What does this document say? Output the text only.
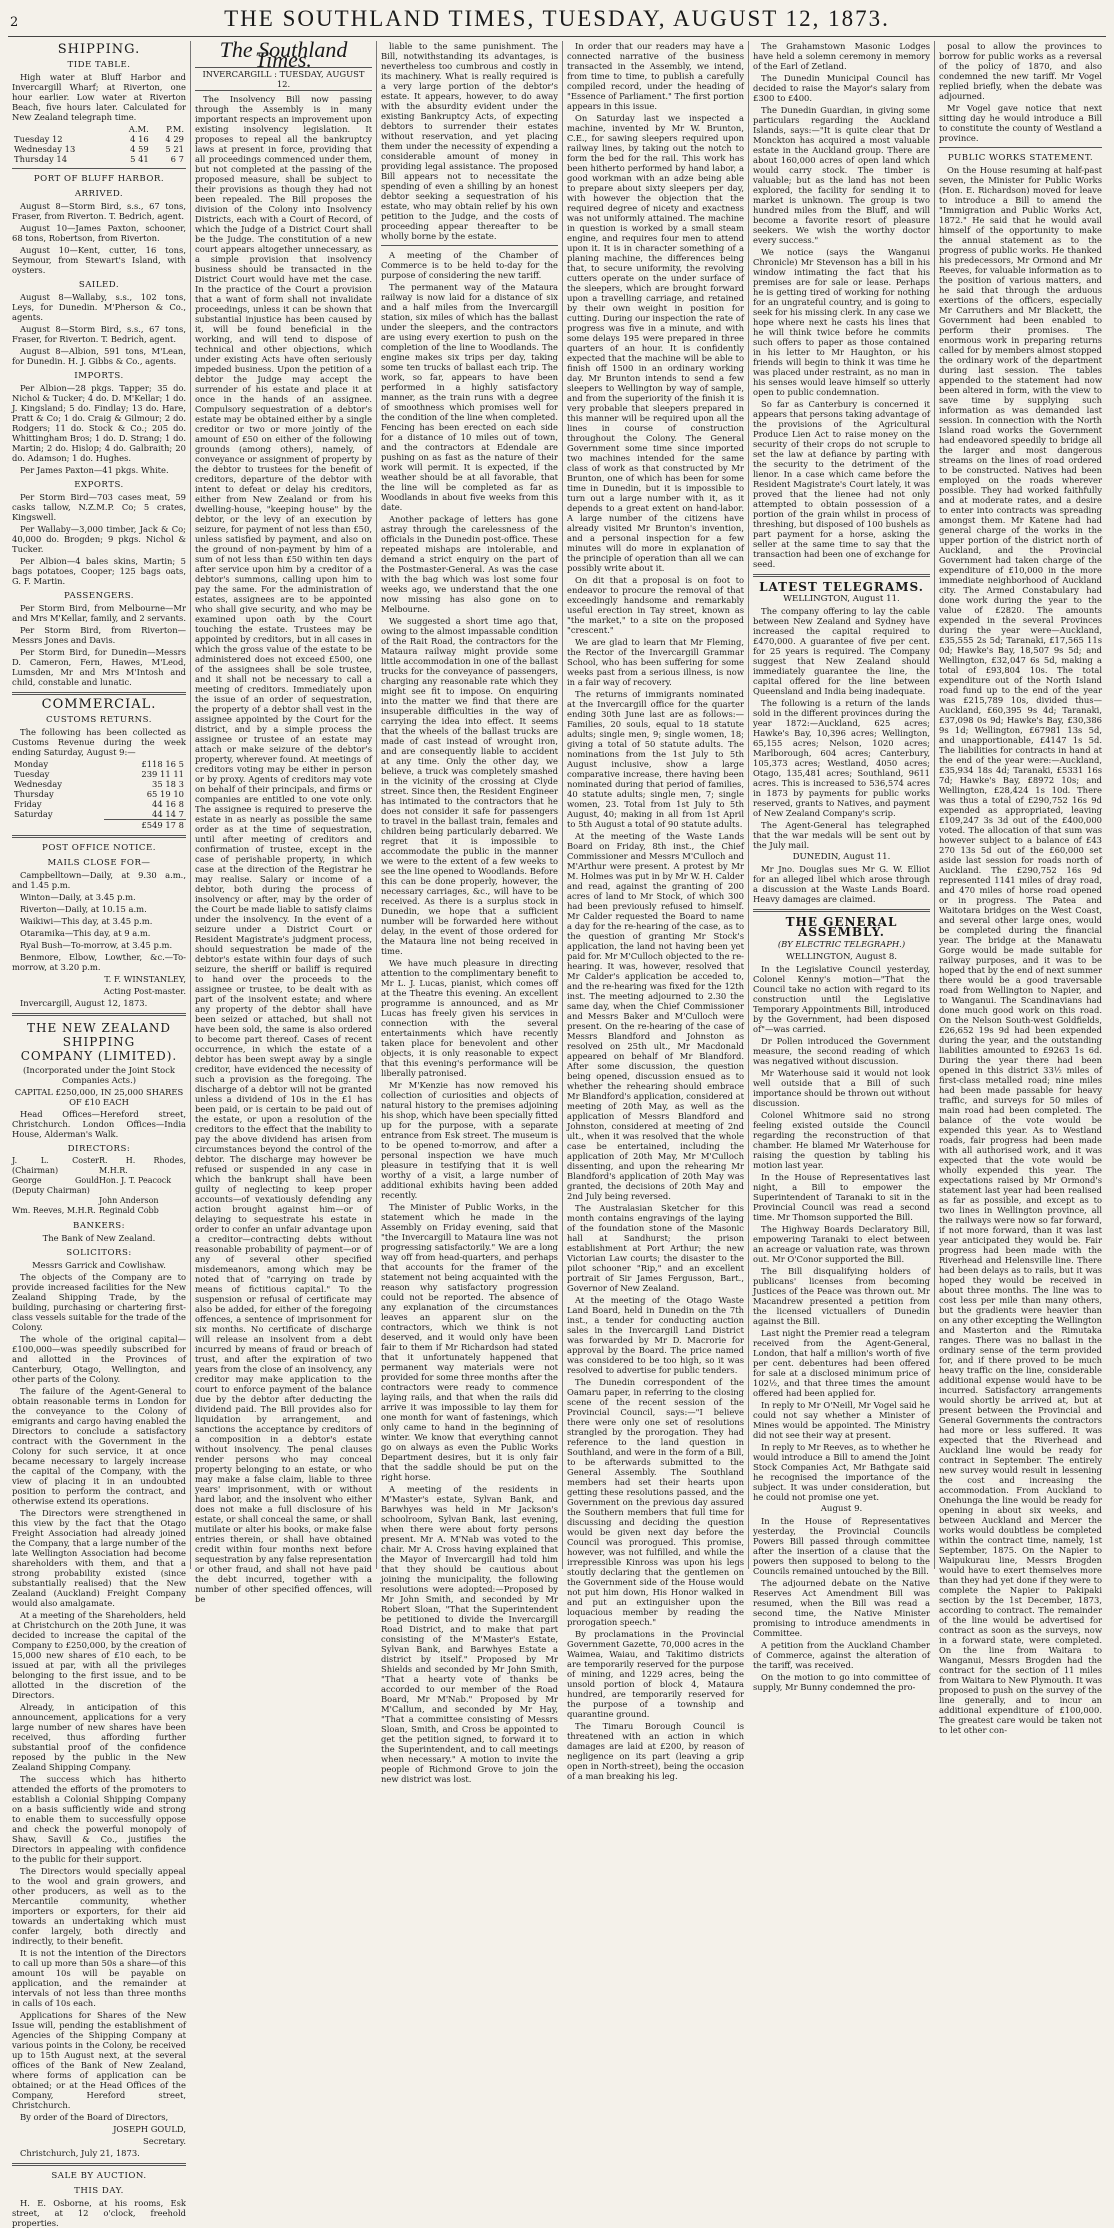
2	THE SOUTHLAND TIMES, TUESDAY, AUGUST 12, 1873.
SHIPPING.
TIDE TABLE.

High water at Bluff Harbor and Invercargill Wharf; at Riverton, one hour earlier. Low water at Riverton Beach, five hours later. Calculated for New Zealand telegraph time.

	A.M.	P.M.
Tuesday 12	4 16	4 29
Wednesday 13	4 59	5 21
Thursday 14	5 41	6 7
PORT OF BLUFF HARBOR.
ARRIVED.

August 8—Storm Bird, s.s., 67 tons, Fraser, from Riverton. T. Bedrich, agent.

August 10—James Paxton, schooner, 68 tons, Robertson, from Riverton.

August 10—Kent, cutter, 16 tons, Seymour, from Stewart's Island, with oysters.

SAILED.

August 8—Wallaby, s.s., 102 tons, Leys, for Dunedin. M'Pherson & Co., agents.

August 8—Storm Bird, s.s., 67 tons, Fraser, for Riverton. T. Bedrich, agent.

August 8—Albion, 591 tons, M'Lean, for Dunedin. H. J. Gibbs & Co., agents.

IMPORTS.

Per Albion—28 pkgs. Tapper; 35 do. Nichol & Tucker; 4 do. D. M'Kellar; 1 do. J. Kingsland; 5 do. Findlay; 13 do. Hare, Pratt & Co; 1 do. Craig & Gilmour; 2 do. Rodgers; 11 do. Stock & Co.; 205 do. Whittingham Bros; 1 do. D. Strang; 1 do. Martin; 2 do. Hislop; 4 do. Galbraith; 20 do. Adamson; 1 do. Hughes.

Per James Paxton—41 pkgs. White.

EXPORTS.

Per Storm Bird—703 cases meat, 59 casks tallow, N.Z.M.P. Co; 5 crates, Kingswell.

Per Wallaby—3,000 timber, Jack & Co; 40,000 do. Brogden; 9 pkgs. Nichol & Tucker.

Per Albion—4 bales skins, Martin; 5 bags potatoes, Cooper; 125 bags oats, G. F. Martin.

PASSENGERS.

Per Storm Bird, from Melbourne—Mr and Mrs M'Kellar, family, and 2 servants.

Per Storm Bird, from Riverton—Messrs Jones and Davis.

Per Storm Bird, for Dunedin—Messrs D. Cameron, Fern, Hawes, M'Leod, Lumsden, Mr and Mrs M'Intosh and child, constable and lunatic.

COMMERCIAL.
CUSTOMS RETURNS.

The following has been collected as Customs Revenue during the week ending Saturday, August 9:—

Monday	£118 16 5
Tuesday	239 11 11
Wednesday	35 18 3
Thursday	65 19 10
Friday	44 16 8
Saturday	44 14 7
	£549 17 8
POST OFFICE NOTICE.
MAILS CLOSE FOR—

Campbelltown—Daily, at 9.30 a.m., and 1.45 p.m.

Winton—Daily, at 3.45 p.m.

Riverton—Daily, at 10.15 a.m.

Waikiwi—This day, at 3.45 p.m.

Otaramika—This day, at 9 a.m.

Ryal Bush—To-morrow, at 3.45 p.m.

Benmore, Elbow, Lowther, &c.—To-morrow, at 3.20 p.m.

T. F. WINSTANLEY,

Acting Post-master.

Invercargill, August 12, 1873.

THE NEW ZEALAND SHIPPING
COMPANY (LIMITED).

(Incorporated under the Joint Stock Companies Acts.)

CAPITAL £250,000, IN 25,000 SHARES OF £10 EACH

Head Offices—Hereford street, Christchurch. London Offices—India House, Alderman's Walk.

DIRECTORS:
J. L. Coster (Chairman)
R. H. Rhodes, M.H.R.
George Gould (Deputy Chairman)
Hon. J. T. Peacock
John Anderson
Wm. Reeves, M.H.R. Reginald Cobb
BANKERS:

The Bank of New Zealand.

SOLICITORS:

Messrs Garrick and Cowlishaw.

The objects of the Company are to provide increased facilities for the New Zealand Shipping Trade, by the building, purchasing or chartering first-class vessels suitable for the trade of the Colony.

The whole of the original capital—£100,000—was speedily subscribed for and allotted in the Provinces of Canterbury, Otago, Wellington, and other parts of the Colony.

The failure of the Agent-General to obtain reasonable terms in London for the conveyance to the Colony of emigrants and cargo having enabled the Directors to conclude a satisfactory contract with the Government in the Colony for such service, it at once became necessary to largely increase the capital of the Company, with the view of placing it in an undoubted position to perform the contract, and otherwise extend its operations.

The Directors were strengthened in this view by the fact that the Otago Freight Association had already joined the Company, that a large number of the late Wellington Association had become shareholders with them, and that a strong probability existed (since substantially realised) that the New Zealand (Auckland) Freight Company would also amalgamate.

At a meeting of the Shareholders, held at Christchurch on the 20th June, it was decided to increase the capital of the Company to £250,000, by the creation of 15,000 new shares of £10 each, to be issued at par, with all the privileges belonging to the first issue, and to be allotted in the discretion of the Directors.

Already, in anticipation of this announcement, applications for a very large number of new shares have been received, thus affording further substantial proof of the confidence reposed by the public in the New Zealand Shipping Company.

The success which has hitherto attended the efforts of the promoters to establish a Colonial Shipping Company on a basis sufficiently wide and strong to enable them to successfully oppose and check the powerful monopoly of Shaw, Savill & Co., justifies the Directors in appealing with confidence to the public for their support.

The Directors would specially appeal to the wool and grain growers, and other producers, as well as to the Mercantile community, whether importers or exporters, for their aid towards an undertaking which must confer largely, both directly and indirectly, to their benefit.

It is not the intention of the Directors to call up more than 50s a share—of this amount 10s will be payable on application, and the remainder at intervals of not less than three months in calls of 10s each.

Applications for Shares of the New Issue will, pending the establishment of Agencies of the Shipping Company at various points in the Colony, be received up to 15th August next, at the several offices of the Bank of New Zealand, where forms of application can be obtained; or at the Head Offices of the Company, Hereford street, Christchurch.

By order of the Board of Directors,

JOSEPH GOULD,

Secretary.

Christchurch, July 21, 1873.

SALE BY AUCTION.
THIS DAY.

H. E. Osborne, at his rooms, Esk street, at 12 o'clock, freehold properties.

The Southland Times.
INVERCARGILL : TUESDAY, AUGUST 12.

The Insolvency Bill now passing through the Assembly is in many important respects an improvement upon existing insolvency legislation. It proposes to repeal all the bankruptcy laws at present in force, providing that all proceedings commenced under them, but not completed at the passing of the proposed measure, shall be subject to their provisions as though they had not been repealed. The Bill proposes the division of the Colony into Insolvency Districts, each with a Court of Record, of which the Judge of a District Court shall be the Judge. The constitution of a new court appears altogether unnecessary, as a simple provision that insolvency business should be transacted in the District Court would have met the case. In the practice of the Court a provision that a want of form shall not invalidate proceedings, unless it can be shown that substantial injustice has been caused by it, will be found beneficial in the working, and will tend to dispose of technical and other objections, which under existing Acts have often seriously impeded business. Upon the petition of a debtor the Judge may accept the surrender of his estate and place it at once in the hands of an assignee. Compulsory sequestration of a debtor's estate may be obtained either by a single creditor or two or more jointly of the amount of £50 on either of the following grounds (among others), namely, of conveyance or assignment of property by the debtor to trustees for the benefit of creditors, departure of the debtor with intent to defeat or delay his creditors, either from New Zealand or from his dwelling-house, "keeping house" by the debtor, or the levy of an execution by seizure, for payment of not less than £50, unless satisfied by payment, and also on the ground of non-payment by him of a sum of not less than £50 within ten days after service upon him by a creditor of a debtor's summons, calling upon him to pay the same. For the administration of estates, assignees are to be appointed who shall give security, and who may be examined upon oath by the Court touching the estate. Trustees may be appointed by creditors, but in all cases in which the gross value of the estate to be administered does not exceed £500, one of the assignees shall be sole trustee, and it shall not be necessary to call a meeting of creditors. Immediately upon the issue of an order of sequestration, the property of a debtor shall vest in the assignee appointed by the Court for the district, and by a simple process the assignee or trustee of an estate may attach or make seizure of the debtor's property, wherever found. At meetings of creditors voting may be either in person or by proxy. Agents of creditors may vote on behalf of their principals, and firms or companies are entitled to one vote only. The assignee is required to preserve the estate in as nearly as possible the same order as at the time of sequestration, until after meeting of creditors and confirmation of trustee, except in the case of perishable property, in which case at the direction of the Registrar he may realise. Salary or income of a debtor, both during the process of insolvency or after, may by the order of the Court be made liable to satisfy claims under the insolvency. In the event of a seizure under a District Court or Resident Magistrate's judgment process, should sequestration be made of the debtor's estate within four days of such seizure, the sheriff or bailiff is required to hand over the proceeds to the assignee or trustee, to be dealt with as part of the insolvent estate; and where any property of the debtor shall have been seized or attached, but shall not have been sold, the same is also ordered to become part thereof. Cases of recent occurrence, in which the estate of a debtor has been swept away by a single creditor, have evidenced the necessity of such a provision as the foregoing. The discharge of a debtor will not be granted unless a dividend of 10s in the £1 has been paid, or is certain to be paid out of the estate, or upon a resolution of the creditors to the effect that the inability to pay the above dividend has arisen from circumstances beyond the control of the debtor. The discharge may however be refused or suspended in any case in which the bankrupt shall have been guilty of neglecting to keep proper accounts—of vexatiously defending any action brought against him—or of delaying to sequestrate his estate in order to confer an unfair advantage upon a creditor—contracting debts without reasonable probability of payment—or of any of several other specified misdemeanors, among which may be noted that of "carrying on trade by means of fictitious capital." To the suspension or refusal of certificate may also be added, for either of the foregoing offences, a sentence of imprisonment for six months. No certificate of discharge will release an insolvent from a debt incurred by means of fraud or breach of trust, and after the expiration of two years from the close of an insolvency, any creditor may make application to the court to enforce payment of the balance due by the debtor after deducting the dividend paid. The Bill provides also for liquidation by arrangement, and sanctions the acceptance by creditors of a composition in a debtor's estate without insolvency. The penal clauses render persons who may conceal property belonging to an estate, or who may make a false claim, liable to three years' imprisonment, with or without hard labor, and the insolvent who either does not make a full disclosure of his estate, or shall conceal the same, or shall mutilate or alter his books, or make false entries therein, or shall have obtained credit within four months next before sequestration by any false representation or other fraud, and shall not have paid the debt incurred, together with a number of other specified offences, will be

liable to the same punishment. The Bill, notwithstanding its advantages, is nevertheless too cumbrous and costly in its machinery. What is really required is a very large portion of the debtor's estate. It appears, however, to do away with the absurdity evident under the existing Bankruptcy Acts, of expecting debtors to surrender their estates without reservation, and yet placing them under the necessity of expending a considerable amount of money in providing legal assistance. The proposed Bill appears not to necessitate the spending of even a shilling by an honest debtor seeking a sequestration of his estate, who may obtain relief by his own petition to the Judge, and the costs of proceeding appear thereafter to be wholly borne by the estate.

A meeting of the Chamber of Commerce is to be held to-day for the purpose of considering the new tariff.

The permanent way of the Mataura railway is now laid for a distance of six and a half miles from the Invercargill station, six miles of which has the ballast under the sleepers, and the contractors are using every exertion to push on the completion of the line to Woodlands. The engine makes six trips per day, taking some ten trucks of ballast each trip. The work, so far, appears to have been performed in a highly satisfactory manner, as the train runs with a degree of smoothness which promises well for the condition of the line when completed. Fencing has been erected on each side for a distance of 10 miles out of town, and the contractors at Edendale are pushing on as fast as the nature of their work will permit. It is expected, if the weather should be at all favorable, that the line will be completed as far as Woodlands in about five weeks from this date.

Another package of letters has gone astray through the carelessness of the officials in the Dunedin post-office. These repeated mishaps are intolerable, and demand a strict enquiry on the part of the Postmaster-General. As was the case with the bag which was lost some four weeks ago, we understand that the one now missing has also gone on to Melbourne.

We suggested a short time ago that, owing to the almost impassable condition of the Rait Road, the contractors for the Mataura railway might provide some little accommodation in one of the ballast trucks for the conveyance of passengers, charging any reasonable rate which they might see fit to impose. On enquiring into the matter we find that there are insuperable difficulties in the way of carrying the idea into effect. It seems that the wheels of the ballast trucks are made of cast instead of wrought iron, and are consequently liable to accident at any time. Only the other day, we believe, a truck was completely smashed in the vicinity of the crossing at Clyde street. Since then, the Resident Engineer has intimated to the contractors that he does not consider it safe for passengers to travel in the ballast train, females and children being particularly debarred. We regret that it is impossible to accommodate the public in the manner we were to the extent of a few weeks to see the line opened to Woodlands. Before this can be done properly, however, the necessary carriages, &c., will have to be received. As there is a surplus stock in Dunedin, we hope that a sufficient number will be forwarded here without delay, in the event of those ordered for the Mataura line not being received in time.

We have much pleasure in directing attention to the complimentary benefit to Mr L. J. Lucas, pianist, which comes off at the Theatre this evening. An excellent programme is announced, and as Mr Lucas has freely given his services in connection with the several entertainments which have recently taken place for benevolent and other objects, it is only reasonable to expect that this evening's performance will be liberally patronised.

Mr M'Kenzie has now removed his collection of curiosities and objects of natural history to the premises adjoining his shop, which have been specially fitted up for the purpose, with a separate entrance from Esk street. The museum is to be opened to-morrow, and after a personal inspection we have much pleasure in testifying that it is well worthy of a visit, a large number of additional exhibits having been added recently.

The Minister of Public Works, in the statement which he made in the Assembly on Friday evening, said that "the Invercargill to Mataura line was not progressing satisfactorily." We are a long way off from head-quarters, and perhaps that accounts for the framer of the statement not being acquainted with the reason why satisfactory progression could not be reported. The absence of any explanation of the circumstances leaves an apparent slur on the contractors, which we think is not deserved, and it would only have been fair to them if Mr Richardson had stated that it unfortunately happened that permanent way materials were not provided for some three months after the contractors were ready to commence laying rails, and that when the rails did arrive it was impossible to lay them for one month for want of fastenings, which only came to hand in the beginning of winter. We know that everything cannot go on always as even the Public Works Department desires, but it is only fair that the saddle should be put on the right horse.

A meeting of the residents in M'Master's estate, Sylvan Bank, and Barwhyes was held in Mr Jackson's schoolroom, Sylvan Bank, last evening, when there were about forty persons present. Mr A. M'Nab was voted to the chair. Mr A. Cross having explained that the Mayor of Invercargill had told him that they should be cautious about joining the municipality, the following resolutions were adopted:—Proposed by Mr John Smith, and seconded by Mr Robert Sloan, "That the Superintendent be petitioned to divide the Invercargill Road District, and to make that part consisting of the M'Master's Estate, Sylvan Bank, and Barwhyes Estate a district by itself." Proposed by Mr Shields and seconded by Mr John Smith, "That a hearty vote of thanks be accorded to our member of the Road Board, Mr M'Nab." Proposed by Mr M'Callum, and seconded by Mr Hay, "That a committee consisting of Messrs Sloan, Smith, and Cross be appointed to get the petition signed, to forward it to the Superintendent, and to call meetings when necessary." A motion to invite the people of Richmond Grove to join the new district was lost.

In order that our readers may have a connected narrative of the business transacted in the Assembly, we intend, from time to time, to publish a carefully compiled record, under the heading of "Essence of Parliament." The first portion appears in this issue.

On Saturday last we inspected a machine, invented by Mr W. Brunton, C.E., for sawing sleepers required upon railway lines, by taking out the notch to form the bed for the rail. This work has been hitherto performed by hand labor, a good workman with an adze being able to prepare about sixty sleepers per day, with however the objection that the required degree of nicety and exactness was not uniformly attained. The machine in question is worked by a small steam engine, and requires four men to attend upon it. It is in character something of a planing machine, the differences being that, to secure uniformity, the revolving cutters operate on the under surface of the sleepers, which are brought forward upon a travelling carriage, and retained by their own weight in position for cutting. During our inspection the rate of progress was five in a minute, and with some delays 195 were prepared in three quarters of an hour. It is confidently expected that the machine will be able to finish off 1500 in an ordinary working day. Mr Brunton intends to send a few sleepers to Wellington by way of sample, and from the superiority of the finish it is very probable that sleepers prepared in this manner will be required upon all the lines in course of construction throughout the Colony. The General Government some time since imported two machines intended for the same class of work as that constructed by Mr Brunton, one of which has been for some time in Dunedin, but it is impossible to turn out a large number with it, as it depends to a great extent on hand-labor. A large number of the citizens have already visited Mr Brunton's invention, and a personal inspection for a few minutes will do more in explanation of the principle of operation than all we can possibly write about it.

On dit that a proposal is on foot to endeavor to procure the removal of that exceedingly handsome and remarkably useful erection in Tay street, known as "the market," to a site on the proposed "crescent."

We are glad to learn that Mr Fleming, the Rector of the Invercargill Grammar School, who has been suffering for some weeks past from a serious illness, is now in a fair way of recovery.

The returns of immigrants nominated at the Invercargill office for the quarter ending 30th June last are as follows:—Families, 20 souls, equal to 18 statute adults; single men, 9; single women, 18; giving a total of 50 statute adults. The nominations from the 1st July to 5th August inclusive, show a large comparative increase, there having been nominated during that period of families, 40 statute adults; single men, 7; single women, 23. Total from 1st July to 5th August, 40; making in all from 1st April to 5th August a total of 90 statute adults.

At the meeting of the Waste Lands Board on Friday, 8th inst., the Chief Commissioner and Messrs M'Culloch and M'Arthur were present. A protest by Mr M. Holmes was put in by Mr W. H. Calder and read, against the granting of 200 acres of land to Mr Stock, of which 300 had been previously refused to himself. Mr Calder requested the Board to name a day for the re-hearing of the case, as to the question of granting Mr Stock's application, the land not having been yet paid for. Mr M'Culloch objected to the re-hearing. It was, however, resolved that Mr Calder's application be acceded to, and the re-hearing was fixed for the 12th inst. The meeting adjourned to 2.30 the same day, when the Chief Commissioner and Messrs Baker and M'Culloch were present. On the re-hearing of the case of Messrs Blandford and Johnston as resolved on 25th ult., Mr Macdonald appeared on behalf of Mr Blandford. After some discussion, the question being opened, discussion ensued as to whether the rehearing should embrace Mr Blandford's application, considered at meeting of 20th May, as well as the application of Messrs Blandford and Johnston, considered at meeting of 2nd ult., when it was resolved that the whole case be entertained, including the application of 20th May, Mr M'Culloch dissenting, and upon the rehearing Mr Blandford's application of 20th May was granted, the decisions of 20th May and 2nd July being reversed.

The Australasian Sketcher for this month contains engravings of the laying of the foundation stone of the Masonic hall at Sandhurst; the prison establishment at Port Arthur; the new Victorian Law courts; the disaster to the pilot schooner "Rip," and an excellent portrait of Sir James Fergusson, Bart., Governor of New Zealand.

At the meeting of the Otago Waste Land Board, held in Dunedin on the 7th inst., a tender for conducting auction sales in the Invercargill Land District was forwarded by Mr D. Macrorie for approval by the Board. The price named was considered to be too high, so it was resolved to advertise for public tenders.

The Dunedin correspondent of the Oamaru paper, in referring to the closing scene of the recent session of the Provincial Council, says:—"I believe there were only one set of resolutions strangled by the prorogation. They had reference to the land question in Southland, and were in the form of a Bill, to be afterwards submitted to the General Assembly. The Southland members had set their hearts upon getting these resolutions passed, and the Government on the previous day assured the Southern members that full time for discussing and deciding the question would be given next day before the Council was prorogued. This promise, however, was not fulfilled, and while the irrepressible Kinross was upon his legs stoutly declaring that the gentlemen on the Government side of the House would not put him down, His Honor walked in and put an extinguisher upon the loquacious member by reading the prorogation speech."

By proclamations in the Provincial Government Gazette, 70,000 acres in the Waimea, Waiau, and Takitimo districts are temporarily reserved for the purpose of mining, and 1229 acres, being the unsold portion of block 4, Mataura hundred, are temporarily reserved for the purpose of a township and quarantine ground.

The Timaru Borough Council is threatened with an action in which damages are laid at £200, by reason of negligence on its part (leaving a grip open in North-street), being the occasion of a man breaking his leg.

The Grahamstown Masonic Lodges have held a solemn ceremony in memory of the Earl of Zetland.

The Dunedin Municipal Council has decided to raise the Mayor's salary from £300 to £400.

The Dunedin Guardian, in giving some particulars regarding the Auckland Islands, says:—"It is quite clear that Dr Monckton has acquired a most valuable estate in the Auckland group. There are about 160,000 acres of open land which would carry stock. The timber is valuable; but as the land has not been explored, the facility for sending it to market is unknown. The group is two hundred miles from the Bluff, and will become a favorite resort of pleasure seekers. We wish the worthy doctor every success."

We notice (says the Wanganui Chronicle) Mr Stevenson has a bill in his window intimating the fact that his premises are for sale or lease. Perhaps he is getting tired of working for nothing for an ungrateful country, and is going to seek for his missing clerk. In any case we hope where next he casts his lines that he will think twice before he commits such offers to paper as those contained in his letter to Mr Haughton, or his friends will begin to think it was time he was placed under restraint, as no man in his senses would leave himself so utterly open to public condemnation.

So far as Canterbury is concerned it appears that persons taking advantage of the provisions of the Agricultural Produce Lien Act to raise money on the security of their crops do not scruple to set the law at defiance by parting with the security to the detriment of the lienor. In a case which came before the Resident Magistrate's Court lately, it was proved that the lienee had not only attempted to obtain possession of a portion of the grain whilst in process of threshing, but disposed of 100 bushels as part payment for a horse, asking the seller at the same time to say that the transaction had been one of exchange for seed.

LATEST TELEGRAMS.

WELLINGTON, August 11.

The company offering to lay the cable between New Zealand and Sydney have increased the capital required to £470,000. A guarantee of five per cent. for 25 years is required. The Company suggest that New Zealand should immediately guarantee the line, the capital offered for the line between Queensland and India being inadequate.

The following is a return of the lands sold in the different provinces during the year 1872:—Auckland, 625 acres; Hawke's Bay, 10,396 acres; Wellington, 65,155 acres; Nelson, 1020 acres; Marlborough, 604 acres; Canterbury, 105,373 acres; Westland, 4050 acres; Otago, 135,481 acres; Southland, 9611 acres. This is increased to 536,574 acres in 1873 by payments for public works reserved, grants to Natives, and payment of New Zealand Company's scrip.

The Agent-General has telegraphed that the war medals will be sent out by the July mail.

DUNEDIN, August 11.

Mr Jno. Douglas sues Mr G. W. Elliot for an alleged libel which arose through a discussion at the Waste Lands Board. Heavy damages are claimed.

THE GENERAL ASSEMBLY.
(BY ELECTRIC TELEGRAPH.)

WELLINGTON, August 8.

In the Legislative Council yesterday, Colonel Kenny's motion—"That the Council take no action with regard to its construction until the Legislative Temporary Appointments Bill, introduced by the Government, had been disposed of"—was carried.

Dr Pollen introduced the Government measure, the second reading of which was negatived without discussion.

Mr Waterhouse said it would not look well outside that a Bill of such importance should be thrown out without discussion.

Colonel Whitmore said no strong feeling existed outside the Council regarding the reconstruction of that chamber. He blamed Mr Waterhouse for raising the question by tabling his motion last year.

In the House of Representatives last night, a Bill to empower the Superintendent of Taranaki to sit in the Provincial Council was read a second time. Mr Thomson supported the Bill.

The Highway Boards Declaratory Bill, empowering Taranaki to elect between an acreage or valuation rate, was thrown out. Mr O'Conor supported the Bill.

The Bill disqualifying holders of publicans' licenses from becoming Justices of the Peace was thrown out. Mr Macandrew presented a petition from the licensed victuallers of Dunedin against the Bill.

Last night the Premier read a telegram received from the Agent-General, London, that half a million's worth of five per cent. debentures had been offered for sale at a disclosed minimum price of 102½, and that three times the amount offered had been applied for.

In reply to Mr O'Neill, Mr Vogel said he could not say whether a Minister of Mines would be appointed. The Ministry did not see their way at present.

In reply to Mr Reeves, as to whether he would introduce a Bill to amend the Joint Stock Companies Act, Mr Bathgate said he recognised the importance of the subject. It was under consideration, but he could not promise one yet.

August 9.

In the House of Representatives yesterday, the Provincial Councils Powers Bill passed through committee after the insertion of a clause that the powers then supposed to belong to the Councils remained untouched by the Bill.

The adjourned debate on the Native Reserves Act Amendment Bill was resumed, when the Bill was read a second time, the Native Minister promising to introduce amendments in Committee.

A petition from the Auckland Chamber of Commerce, against the alteration of the tariff, was received.

On the motion to go into committee of supply, Mr Bunny condemned the pro-

posal to allow the provinces to borrow for public works as a reversal of the policy of 1870, and also condemned the new tariff. Mr Vogel replied briefly, when the debate was adjourned.

Mr Vogel gave notice that next sitting day he would introduce a Bill to constitute the county of Westland a province.

PUBLIC WORKS STATEMENT.

On the House resuming at half-past seven, the Minister for Public Works (Hon. E. Richardson) moved for leave to introduce a Bill to amend the "Immigration and Public Works Act, 1872." He said that he would avail himself of the opportunity to make the annual statement as to the progress of public works. He thanked his predecessors, Mr Ormond and Mr Reeves, for valuable information as to the position of various matters, and he said that through the arduous exertions of the officers, especially Mr Carruthers and Mr Blackett, the Government had been enabled to perform their promises. The enormous work in preparing returns called for by members almost stopped the ordinary work of the department during last session. The tables appended to the statement had now been altered in form, with the view to save time by supplying such information as was demanded last session. In connection with the North Island road works the Government had endeavored speedily to bridge all the larger and most dangerous streams on the lines of road ordered to be constructed. Natives had been employed on the roads wherever possible. They had worked faithfully and at moderate rates, and a desire to enter into contracts was spreading amongst them. Mr Katene had had general charge of the works in the upper portion of the district north of Auckland, and the Provincial Government had taken charge of the expenditure of £10,000 in the more immediate neighborhood of Auckland city. The Armed Constabulary had done work during the year to the value of £2820. The amounts expended in the several Provinces during the year were—Auckland, £35,555 2s 5d; Taranaki, £17,565 11s 0d; Hawke's Bay, 18,507 9s 5d; and Wellington, £32,047 6s 5d, making a total of £93,804 10s. The total expenditure out of the North Island road fund up to the end of the year was £215,789 10s, divided thus—Auckland, £60,395 9s 4d; Taranaki, £37,098 0s 9d; Hawke's Bay, £30,386 9s 1d; Wellington, £67981 13s 5d, and unapportionable, £4147 1s 5d. The liabilities for contracts in hand at the end of the year were:—Auckland, £35,934 18s 4d; Taranaki, £5331 16s 7d; Hawke's Bay, £8972 10s; and Wellington, £28,424 1s 10d. There was thus a total of £290,752 16s 9d expended as appropriated, leaving £109,247 3s 3d out of the £400,000 voted. The allocation of that sum was however subject to a balance of £43 270 13s 5d out of the £60,000 set aside last session for roads north of Auckland. The £290,752 16s 9d represented 1141 miles of dray road, and 470 miles of horse road opened or in progress. The Patea and Waitotara bridges on the West Coast, and several other large ones, would be completed during the financial year. The bridge at the Manawatu Gorge would be made suitable for railway purposes, and it was to be hoped that by the end of next summer there would be a good traversable road from Wellington to Napier, and to Wanganui. The Scandinavians had done much good work on this road. On the Nelson South-west Goldfields, £26,652 19s 9d had been expended during the year, and the outstanding liabilities amounted to £9263 1s 6d. During the year there had been opened in this district 33½ miles of first-class metalled road; nine miles had been made passable for heavy traffic, and surveys for 50 miles of main road had been completed. The balance of the vote would be expended this year. As to Westland roads, fair progress had been made with all authorised work, and it was expected that the vote would be wholly expended this year. The expectations raised by Mr Ormond's statement last year had been realised as far as possible, and except as to two lines in Wellington province, all the railways were now so far forward, if not more forward, than it was last year anticipated they would be. Fair progress had been made with the Riverhead and Helensville line. There had been delays as to rails, but it was hoped they would be received in about three months. The line was to cost less per mile than many others, but the gradients were heavier than on any other excepting the Wellington and Masterton and the Rimutaka ranges. There was no ballast in the ordinary sense of the term provided for, and if there proved to be much heavy traffic on the line, considerable additional expense would have to be incurred. Satisfactory arrangements would shortly be arrived at, but at present between the Provincial and General Governments the contractors had more or less suffered. It was expected that the Riverhead and Auckland line would be ready for contract in September. The entirely new survey would result in lessening the cost and increasing the accommodation. From Auckland to Onehunga the line would be ready for opening in about six weeks, and between Auckland and Mercer the works would doubtless be completed within the contract time, namely, 1st September, 1875. On the Napier to Waipukurau line, Messrs Brogden would have to exert themselves more than they had yet done if they were to complete the Napier to Pakipaki section by the 1st December, 1873, according to contract. The remainder of the line would be advertised for contract as soon as the surveys, now in a forward state, were completed. On the line from Waitara to Wanganui, Messrs Brogden had the contract for the section of 11 miles from Waitara to New Plymouth. It was proposed to push on the survey of the line generally, and to incur an additional expenditure of £100,000. The greatest care would be taken not to let other con-
